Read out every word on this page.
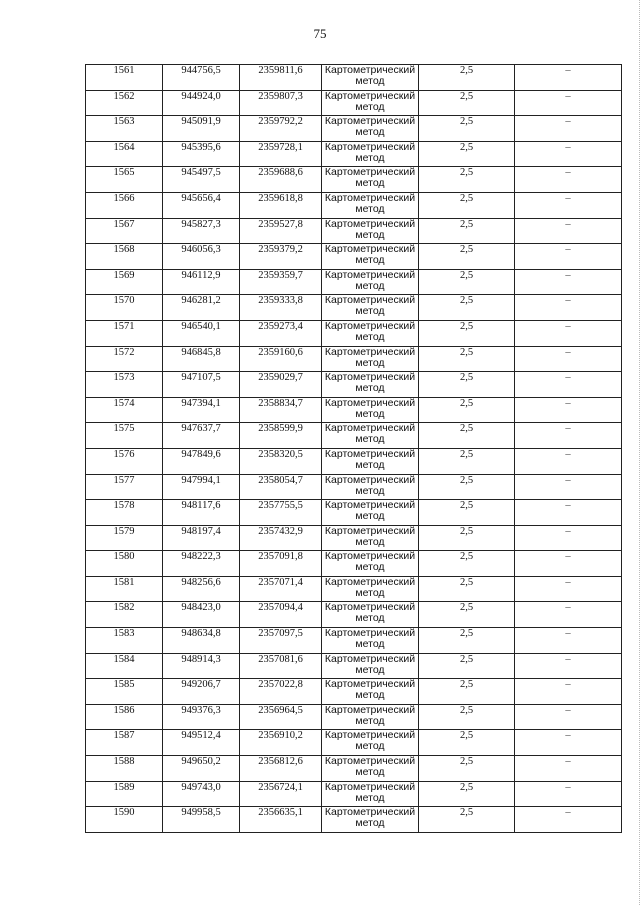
75
1561	944756,5	2359811,6	Картометрический метод	2,5	–
1562	944924,0	2359807,3	Картометрический метод	2,5	–
1563	945091,9	2359792,2	Картометрический метод	2,5	–
1564	945395,6	2359728,1	Картометрический метод	2,5	–
1565	945497,5	2359688,6	Картометрический метод	2,5	–
1566	945656,4	2359618,8	Картометрический метод	2,5	–
1567	945827,3	2359527,8	Картометрический метод	2,5	–
1568	946056,3	2359379,2	Картометрический метод	2,5	–
1569	946112,9	2359359,7	Картометрический метод	2,5	–
1570	946281,2	2359333,8	Картометрический метод	2,5	–
1571	946540,1	2359273,4	Картометрический метод	2,5	–
1572	946845,8	2359160,6	Картометрический метод	2,5	–
1573	947107,5	2359029,7	Картометрический метод	2,5	–
1574	947394,1	2358834,7	Картометрический метод	2,5	–
1575	947637,7	2358599,9	Картометрический метод	2,5	–
1576	947849,6	2358320,5	Картометрический метод	2,5	–
1577	947994,1	2358054,7	Картометрический метод	2,5	–
1578	948117,6	2357755,5	Картометрический метод	2,5	–
1579	948197,4	2357432,9	Картометрический метод	2,5	–
1580	948222,3	2357091,8	Картометрический метод	2,5	–
1581	948256,6	2357071,4	Картометрический метод	2,5	–
1582	948423,0	2357094,4	Картометрический метод	2,5	–
1583	948634,8	2357097,5	Картометрический метод	2,5	–
1584	948914,3	2357081,6	Картометрический метод	2,5	–
1585	949206,7	2357022,8	Картометрический метод	2,5	–
1586	949376,3	2356964,5	Картометрический метод	2,5	–
1587	949512,4	2356910,2	Картометрический метод	2,5	–
1588	949650,2	2356812,6	Картометрический метод	2,5	–
1589	949743,0	2356724,1	Картометрический метод	2,5	–
1590	949958,5	2356635,1	Картометрический метод	2,5	–
